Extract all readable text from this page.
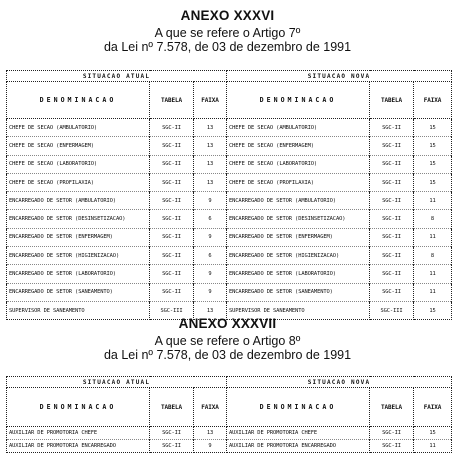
ANEXO XXXVI
A que se refere o Artigo 7º
da Lei nº 7.578, de 03 de dezembro de 1991
SITUACAO ATUAL			SITUACAO NOVA		
DENOMINACAO	TABELA	FAIXA	DENOMINACAO	TABELA	FAIXA
CHEFE DE SECAO (AMBULATORIO)	SGC-II	13	CHEFE DE SECAO (AMBULATORIO)	SGC-II	15
CHEFE DE SECAO (ENFERMAGEM)	SGC-II	13	CHEFE DE SECAO (ENFERMAGEM)	SGC-II	15
CHEFE DE SECAO (LABORATORIO)	SGC-II	13	CHEFE DE SECAO (LABORATORIO)	SGC-II	15
CHEFE DE SECAO (PROFILAXIA)	SGC-II	13	CHEFE DE SECAO (PROFILAXIA)	SGC-II	15
ENCARREGADO DE SETOR (AMBULATORIO)	SGC-II	9	ENCARREGADO DE SETOR (AMBULATORIO)	SGC-II	11
ENCARREGADO DE SETOR (DESINSETIZACAO)	SGC-II	6	ENCARREGADO DE SETOR (DESINSETIZACAO)	SGC-II	8
ENCARREGADO DE SETOR (ENFERMAGEM)	SGC-II	9	ENCARREGADO DE SETOR (ENFERMAGEM)	SGC-II	11
ENCARREGADO DE SETOR (HIGIENIZACAO)	SGC-II	6	ENCARREGADO DE SETOR (HIGIENIZACAO)	SGC-II	8
ENCARREGADO DE SETOR (LABORATORIO)	SGC-II	9	ENCARREGADO DE SETOR (LABORATORIO)	SGC-II	11
ENCARREGADO DE SETOR (SANEAMENTO)	SGC-II	9	ENCARREGADO DE SETOR (SANEAMENTO)	SGC-II	11
SUPERVISOR DE SANEAMENTO	SGC-III	13	SUPERVISOR DE SANEAMENTO	SGC-III	15
ANEXO XXXVII
A que se refere o Artigo 8º
da Lei nº 7.578, de 03 de dezembro de 1991
SITUACAO ATUAL			SITUACAO NOVA		
DENOMINACAO	TABELA	FAIXA	DENOMINACAO	TABELA	FAIXA
AUXILIAR DE PROMOTORIA CHEFE	SGC-II	13	AUXILIAR DE PROMOTORIA CHEFE	SGC-II	15
AUXILIAR DE PROMOTORIA ENCARREGADO	SGC-II	9	AUXILIAR DE PROMOTORIA ENCARREGADO	SGC-II	11
